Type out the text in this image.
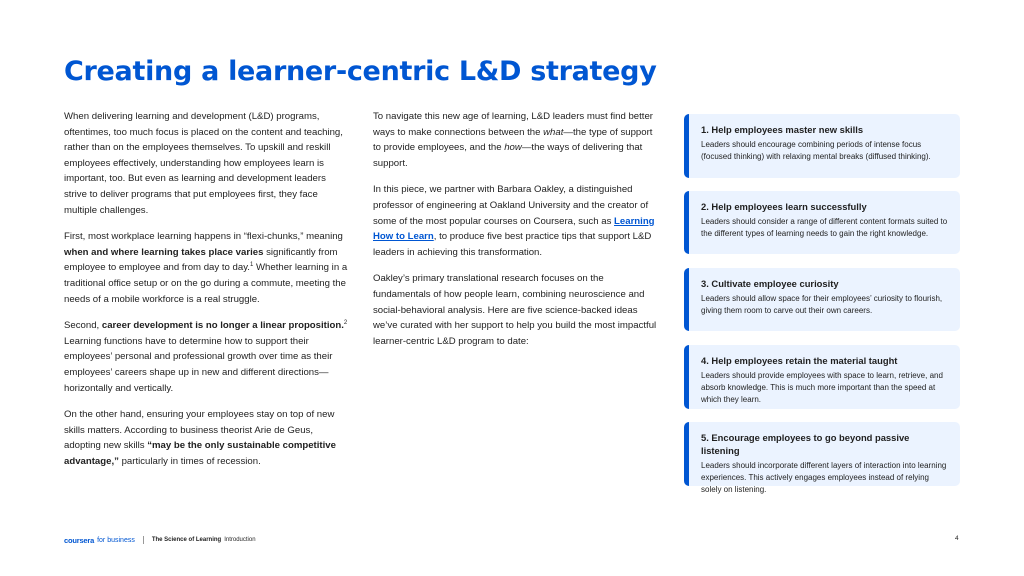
Creating a learner-centric L&D strategy

When delivering learning and development (L&D) programs, oftentimes, too much focus is placed on the content and teaching, rather than on the employees themselves. To upskill and reskill employees effectively, understanding how employees learn is important, too. But even as learning and development leaders strive to deliver programs that put employees first, they face multiple challenges.

First, most workplace learning happens in “flexi-chunks,” meaning when and where learning takes place varies significantly from employee to employee and from day to day.$^1$ Whether learning in a traditional office setup or on the go during a commute, meeting the needs of a mobile workforce is a real struggle.

Second, career development is no longer a linear proposition.$^2$ Learning functions have to determine how to support their employees’ personal and professional growth over time as their employees’ careers shape up in new and different directions—horizontally and vertically.

On the other hand, ensuring your employees stay on top of new skills matters. According to business theorist Arie de Geus, adopting new skills “may be the only sustainable competitive advantage,” particularly in times of recession.

To navigate this new age of learning, L&D leaders must find better ways to make connections between the what—the type of support to provide employees, and the how—the ways of delivering that support.

In this piece, we partner with Barbara Oakley, a distinguished professor of engineering at Oakland University and the creator of some of the most popular courses on Coursera, such as Learning How to Learn, to produce five best practice tips that support L&D leaders in achieving this transformation.

Oakley’s primary translational research focuses on the fundamentals of how people learn, combining neuroscience and social-behavioral analysis. Here are five science-backed ideas we’ve curated with her support to help you build the most impactful learner-centric L&D program to date:

1. Help employees master new skills
Leaders should encourage combining periods of intense focus (focused thinking) with relaxing mental breaks (diffused thinking).
2. Help employees learn successfully
Leaders should consider a range of different content formats suited to the different types of learning needs to gain the right knowledge.
3. Cultivate employee curiosity
Leaders should allow space for their employees’ curiosity to flourish, giving them room to carve out their own careers.
4. Help employees retain the material taught
Leaders should provide employees with space to learn, retrieve, and absorb knowledge. This is much more important than the speed at which they learn.
5. Encourage employees to go beyond passive listening
Leaders should incorporate different layers of interaction into learning experiences. This actively engages employees instead of relying solely on listening.
coursera for business	The Science of Learning Introduction	4
